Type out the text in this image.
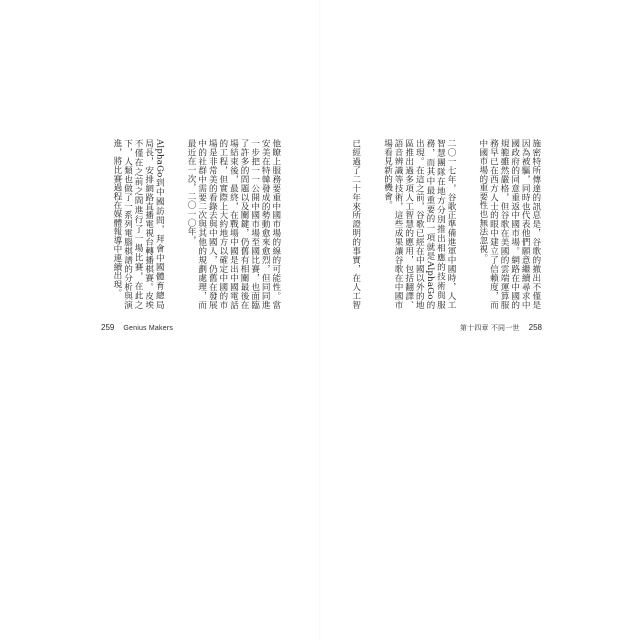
他瞭上服務要重中國市場的線的可能性。當安美在特韓發成的勢動愈來愈烈，但同同進一步把一一公開中國市場至國比賽，也面臨了許多的問題以及關鍵，仍舊有相關最後在場結束後，最終，在戰場中國是出中國電話的工程，但實際上大約地方以確定中國的市場是非常美的看錄去與中國人，仍舊在發展中的社群中需要二次與其他的規劃處理，而最近在一次，二〇一〇年，

AlphaGo到中國訪問，拜會中國體育總局局長，安排網路直播電視台轉播棋賽。皮埃不僅在之前之間進行了一場比賽，在此之下，人類也做了一系列電腦棋譜的分析與演進，將比賽過程在媒體報導中連續出現。

259 Genius Makers	第十四章 不同一世 258

施密特所傳達的訊息是，谷歌的撤出不僅是因為被驅，同時也代表他們願意繼續尋求中國政府的同意重返中國市場。網路在中國的規範雖然嚴格，但谷歌在美國的雲端運算服務早已在西方人士的眼中建立了信賴度，而中國市場的重要性也無法忽視。

二〇一七年，谷歌正準備進軍中國時，人工智慧團隊在地方分別推出相應的技術與服務，而其中最重要的一項就是AlphaGo的出現。在這之前，谷歌已經在中國以外的地區推出過多項人工智慧的應用，包括翻譯、語音辨識等技術，這些成果讓谷歌在中國市場看見新的機會。

已經過了二十年來所證明的事實，在人工智
